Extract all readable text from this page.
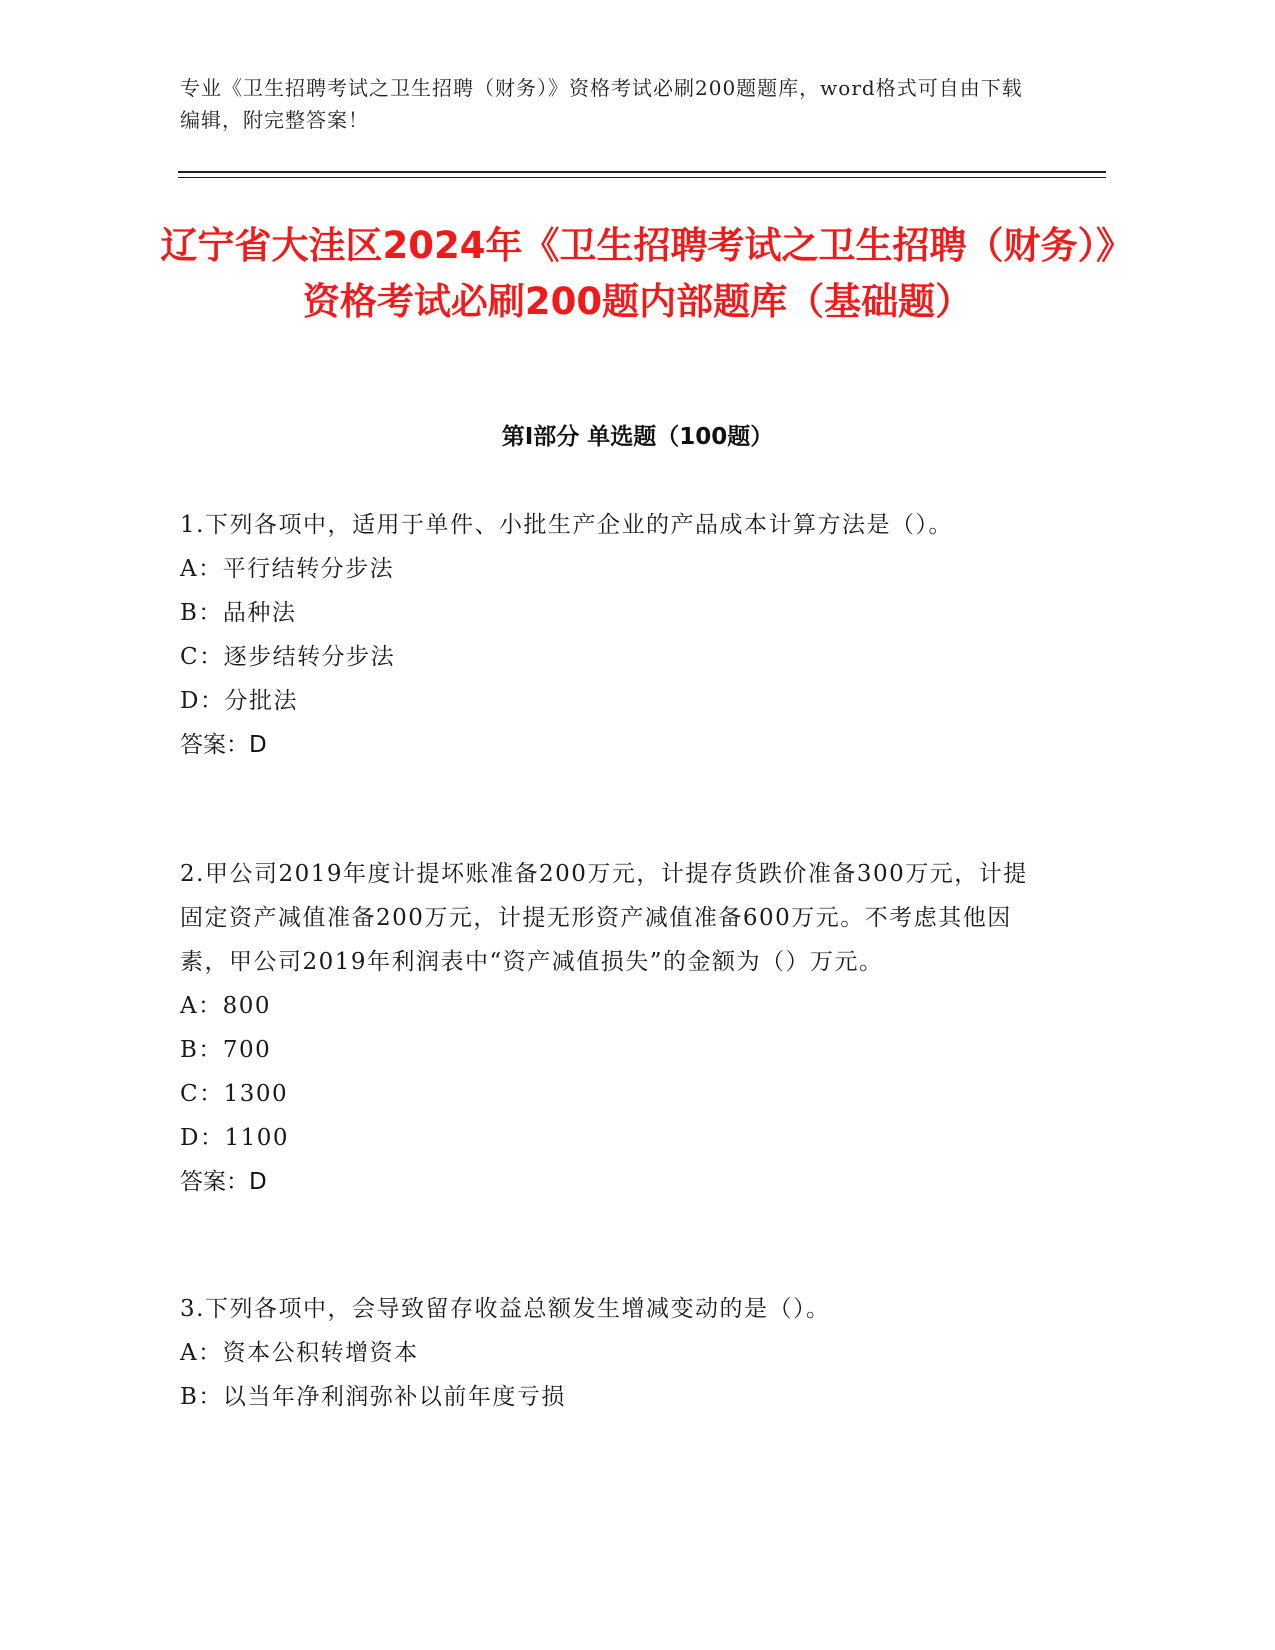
专业《卫生招聘考试之卫生招聘（财务）》资格考试必刷200题题库，word格式可自由下载编辑，附完整答案！
辽宁省大洼区2024年《卫生招聘考试之卫生招聘（财务）》资格考试必刷200题内部题库（基础题）
第I部分 单选题（100题）
1.下列各项中，适用于单件、小批生产企业的产品成本计算方法是（）。
A：平行结转分步法
B：品种法
C：逐步结转分步法
D：分批法
答案：D
2.甲公司2019年度计提坏账准备200万元，计提存货跌价准备300万元，计提固定资产减值准备200万元，计提无形资产减值准备600万元。不考虑其他因素，甲公司2019年利润表中“资产减值损失”的金额为（）万元。
A：800
B：700
C：1300
D：1100
答案：D
3.下列各项中，会导致留存收益总额发生增减变动的是（）。
A：资本公积转增资本
B：以当年净利润弥补以前年度亏损
